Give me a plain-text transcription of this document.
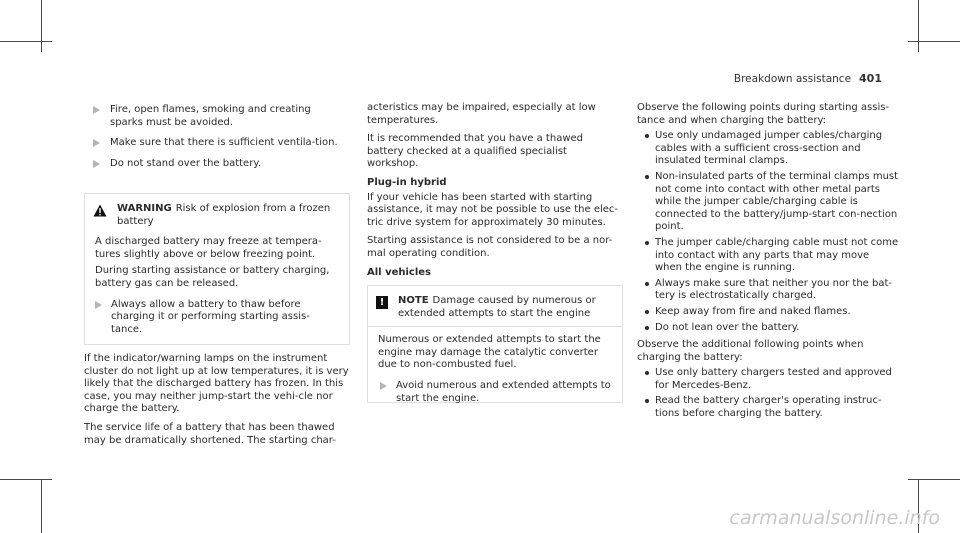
Breakdown assistance 401
Fire, open flames, smoking and creating sparks must be avoided.
Make sure that there is sufficient ventila-tion.
Do not stand over the battery.
WARNING Risk of explosion from a frozen battery

A discharged battery may freeze at tempera-tures slightly above or below freezing point.

During starting assistance or battery charging, battery gas can be released.

Always allow a battery to thaw before charging it or performing starting assis-tance.

If the indicator/warning lamps on the instrument cluster do not light up at low temperatures, it is very likely that the discharged battery has frozen. In this case, you may neither jump-start the vehi-cle nor charge the battery.

The service life of a battery that has been thawed may be dramatically shortened. The starting char-

acteristics may be impaired, especially at low temperatures.

It is recommended that you have a thawed battery checked at a qualified specialist workshop.

Plug-in hybrid

If your vehicle has been started with starting assistance, it may not be possible to use the elec-tric drive system for approximately 30 minutes.

Starting assistance is not considered to be a nor-mal operating condition.

All vehicles
!	NOTE Damage caused by numerous or extended attempts to start the engine

Numerous or extended attempts to start the engine may damage the catalytic converter due to non-combusted fuel.

Avoid numerous and extended attempts to start the engine.

Observe the following points during starting assis-tance and when charging the battery:

Use only undamaged jumper cables/charging cables with a sufficient cross-section and insulated terminal clamps.
Non-insulated parts of the terminal clamps must not come into contact with other metal parts while the jumper cable/charging cable is connected to the battery/jump-start con-nection point.
The jumper cable/charging cable must not come into contact with any parts that may move when the engine is running.
Always make sure that neither you nor the bat-tery is electrostatically charged.
Keep away from fire and naked flames.
Do not lean over the battery.

Observe the additional following points when charging the battery:

Use only battery chargers tested and approved for Mercedes-Benz.
Read the battery charger's operating instruc-tions before charging the battery.
carmanualsonline.info
